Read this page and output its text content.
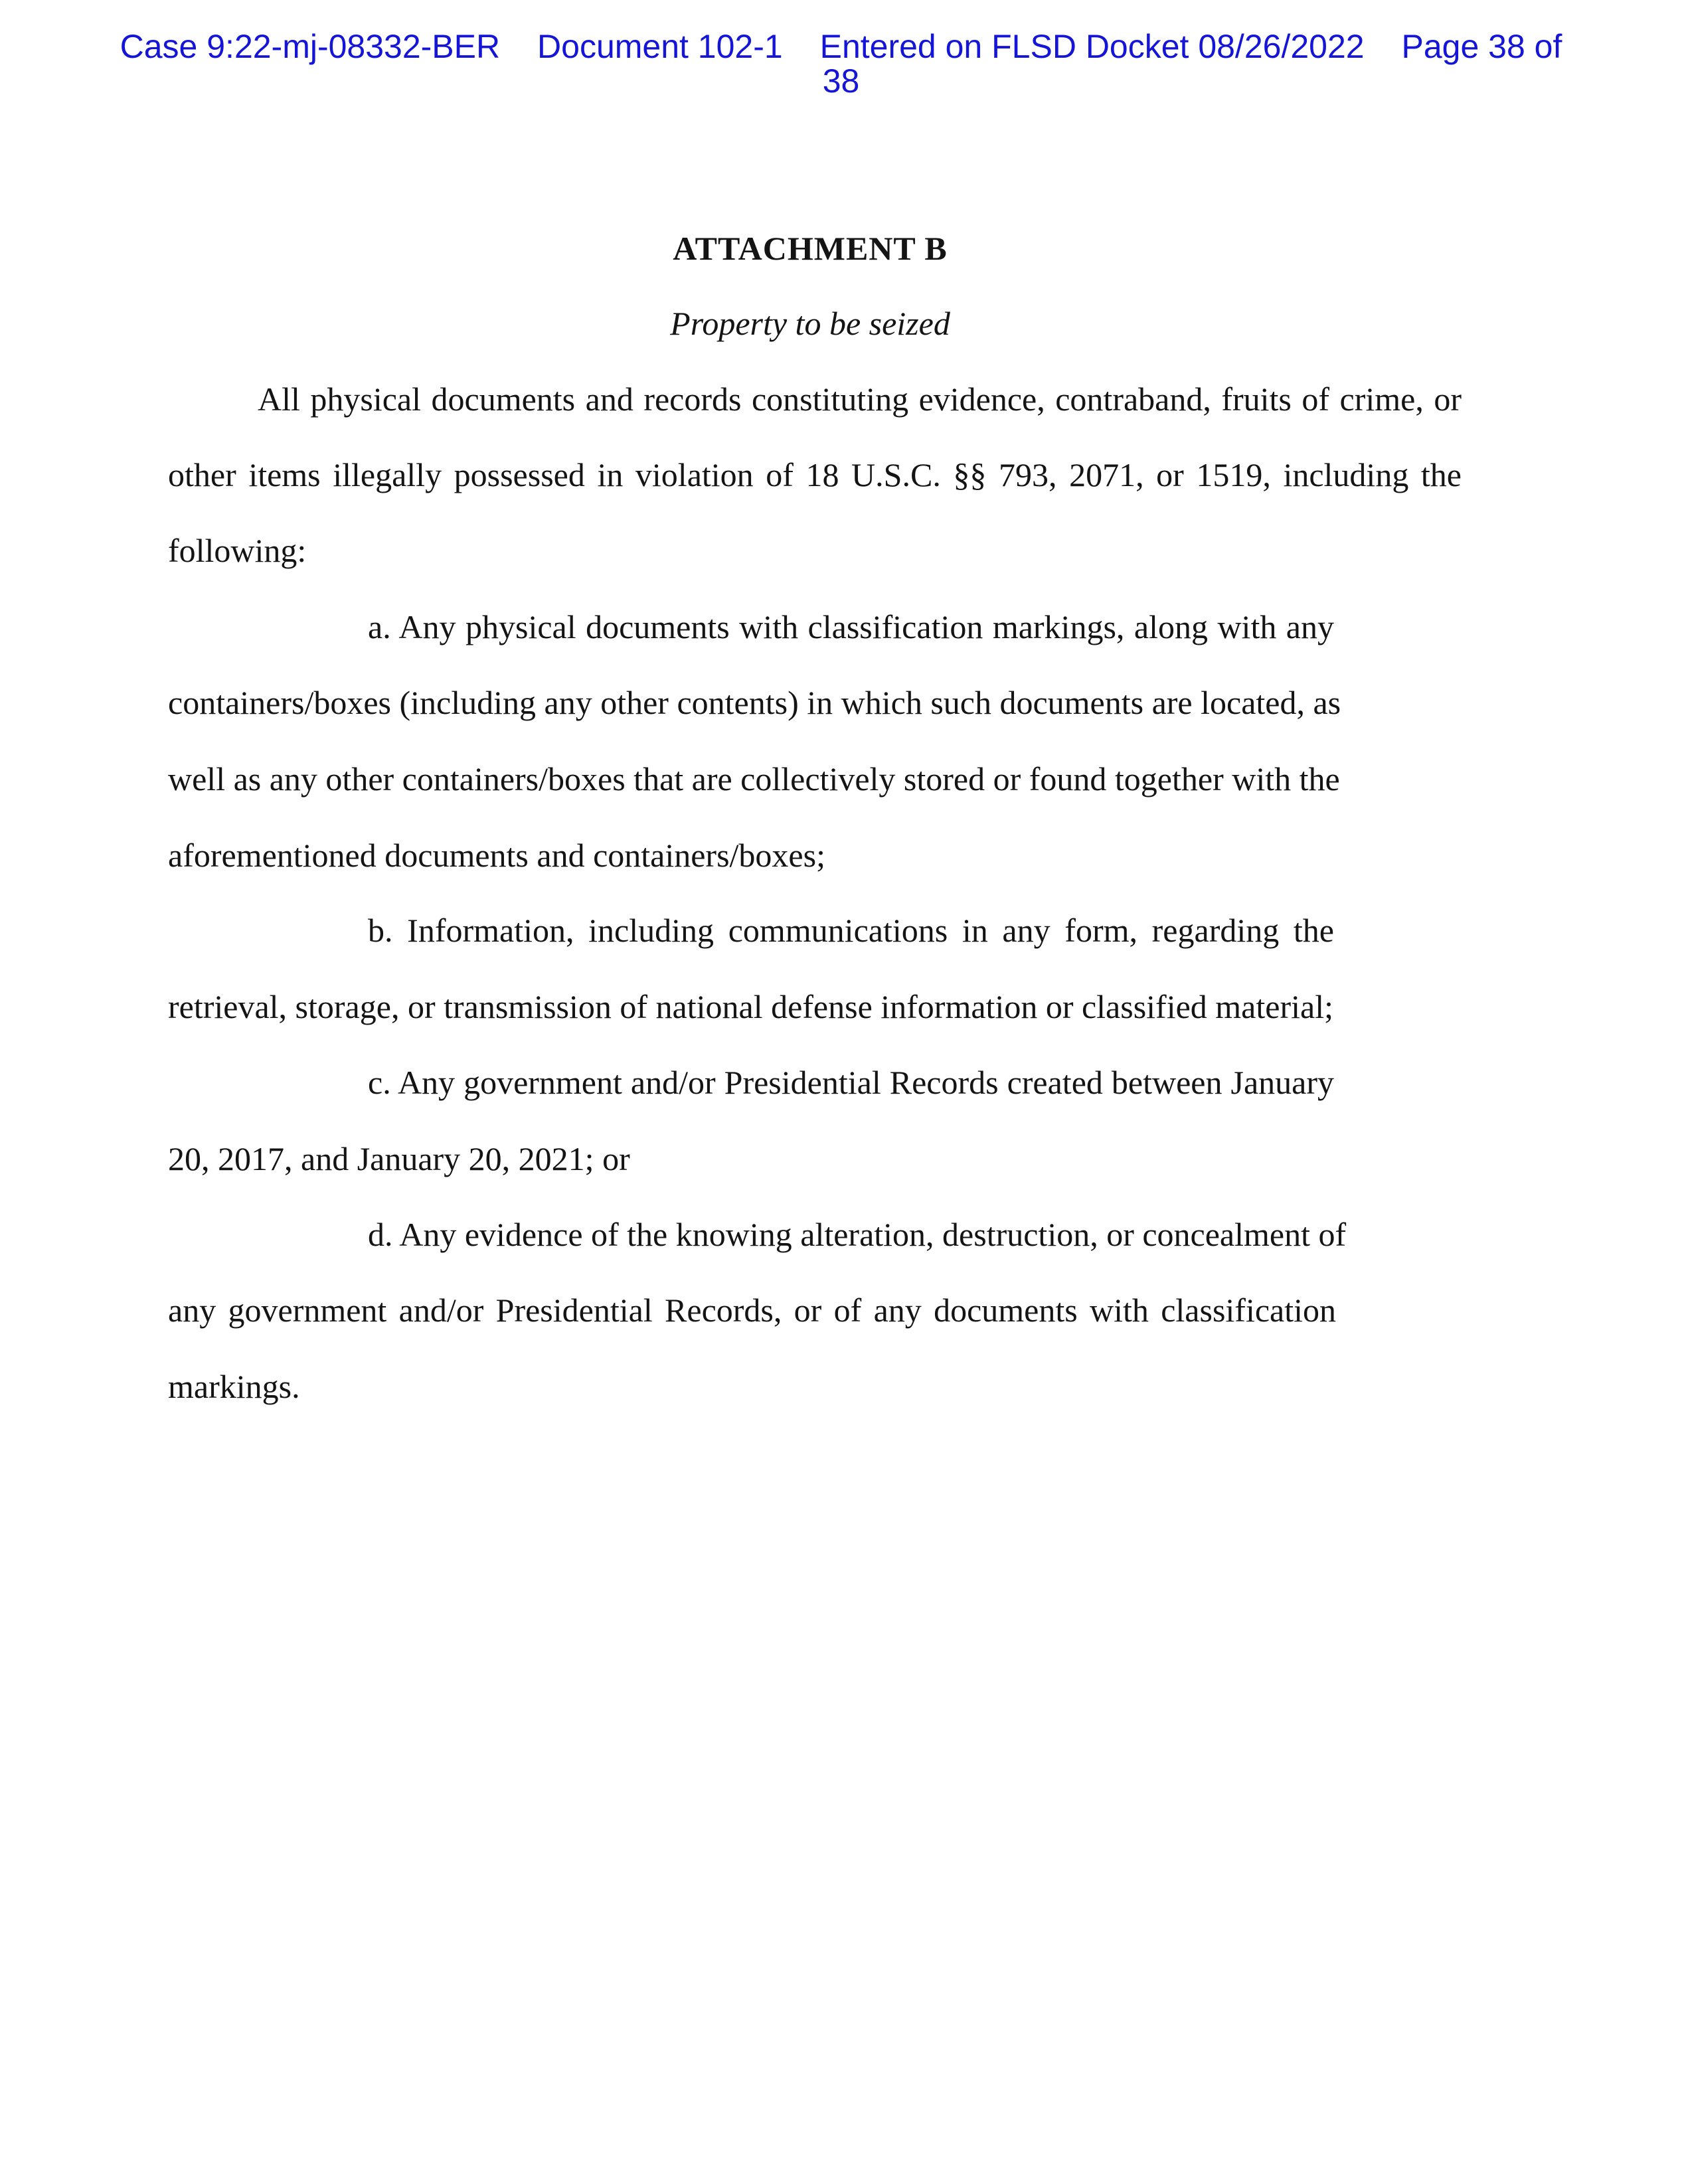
Case 9:22-mj-08332-BER Document 102-1 Entered on FLSD Docket 08/26/2022 Page 38 of
38
ATTACHMENT B
Property to be seized
All physical documents and records constituting evidence, contraband, fruits of crime, or
other items illegally possessed in violation of 18 U.S.C. §§ 793, 2071, or 1519, including the
following:
a. Any physical documents with classification markings, along with any
containers/boxes (including any other contents) in which such documents are located, as
well as any other containers/boxes that are collectively stored or found together with the
aforementioned documents and containers/boxes;
b. Information, including communications in any form, regarding the
retrieval, storage, or transmission of national defense information or classified material;
c. Any government and/or Presidential Records created between January
20, 2017, and January 20, 2021; or
d. Any evidence of the knowing alteration, destruction, or concealment of
any government and/or Presidential Records, or of any documents with classification
markings.
